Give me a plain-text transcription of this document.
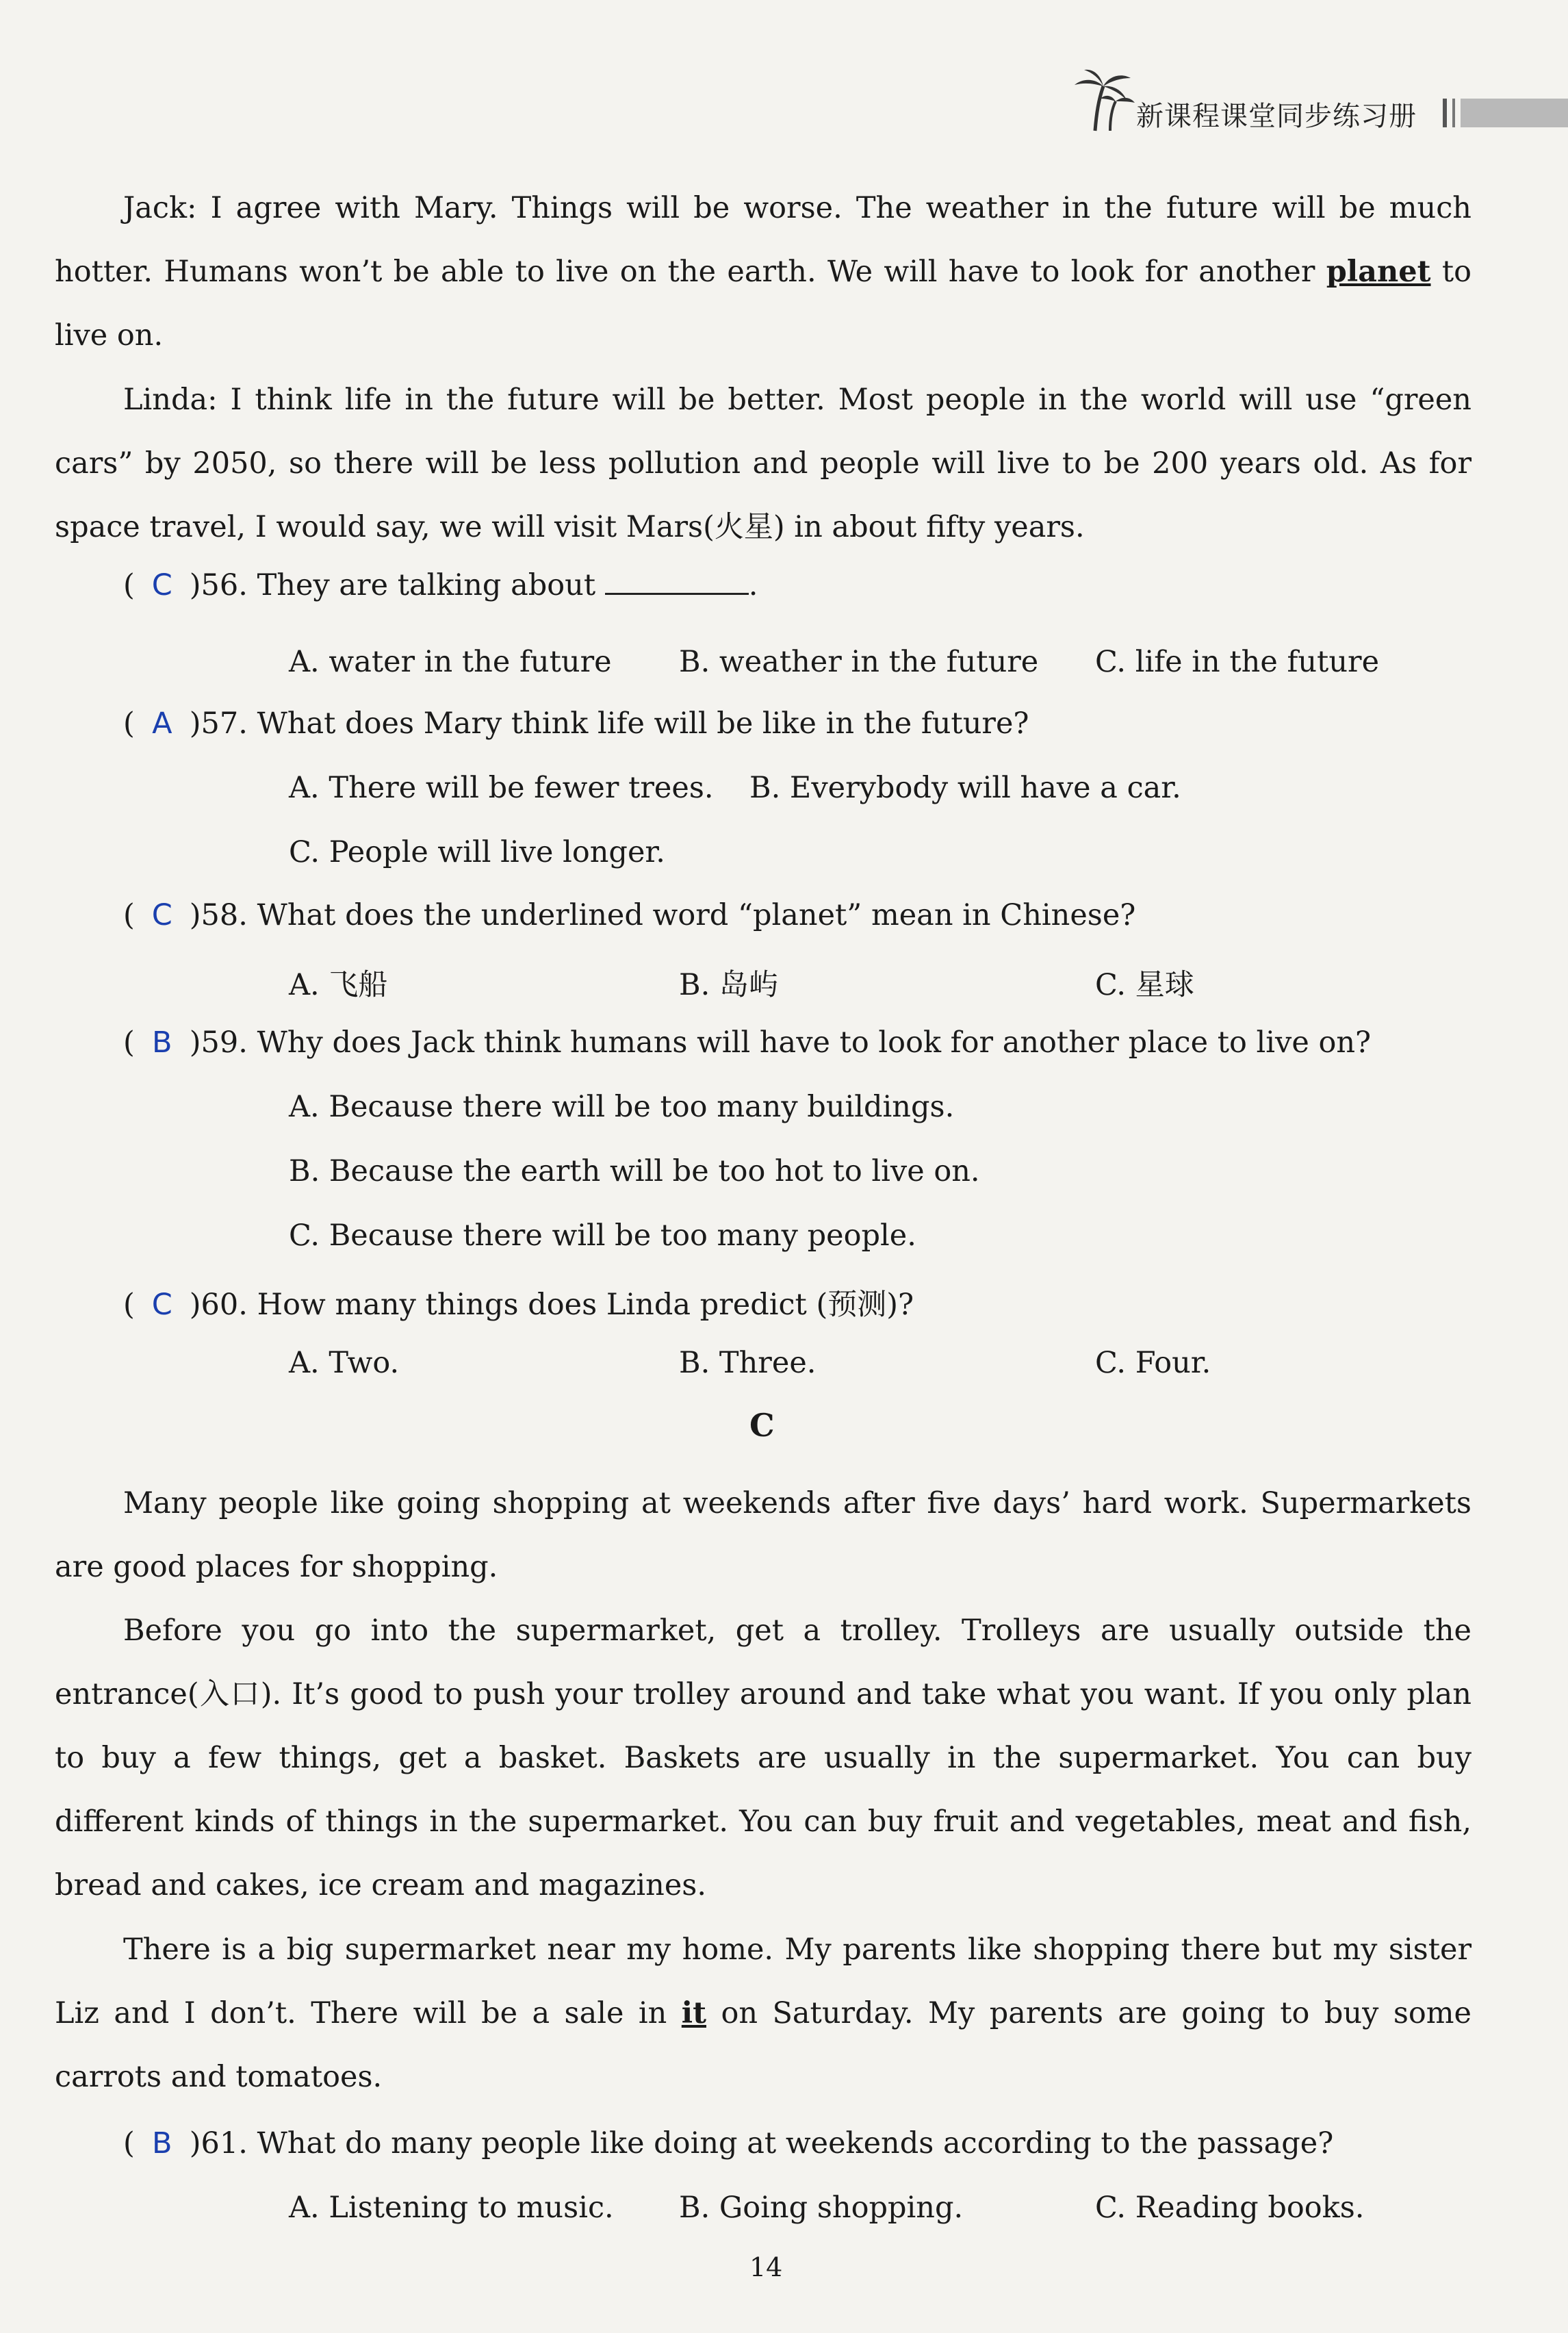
新课程课堂同步练习册
Jack: I agree with Mary. Things will be worse. The weather in the future will be much hotter. Humans won’t be able to live on the earth. We will have to look for another planet to live on.
Linda: I think life in the future will be better. Most people in the world will use “green cars” by 2050, so there will be less pollution and people will live to be 200 years old. As for space travel, I would say, we will visit Mars(火星) in about fifty years.
( C )56. They are talking about	.
A. water in the future B. weather in the future C. life in the future
( A )57. What does Mary think life will be like in the future?
A. There will be fewer trees. B. Everybody will have a car.
C. People will live longer.
( C )58. What does the underlined word “planet” mean in Chinese?
A. 飞船	B. 岛屿	C. 星球
( B )59. Why does Jack think humans will have to look for another place to live on?
A. Because there will be too many buildings.
B. Because the earth will be too hot to live on.
C. Because there will be too many people.
( C )60. How many things does Linda predict (预测)?
A. Two.	B. Three.	C. Four.
C
Many people like going shopping at weekends after five days’ hard work. Supermarkets are good places for shopping.
Before you go into the supermarket, get a trolley. Trolleys are usually outside the entrance(入口). It’s good to push your trolley around and take what you want. If you only plan to buy a few things, get a basket. Baskets are usually in the supermarket. You can buy different kinds of things in the supermarket. You can buy fruit and vegetables, meat and fish, bread and cakes, ice cream and magazines.
There is a big supermarket near my home. My parents like shopping there but my sister Liz and I don’t. There will be a sale in it on Saturday. My parents are going to buy some carrots and tomatoes.
( B )61. What do many people like doing at weekends according to the passage?
A. Listening to music. B. Going shopping.	C. Reading books.
14
